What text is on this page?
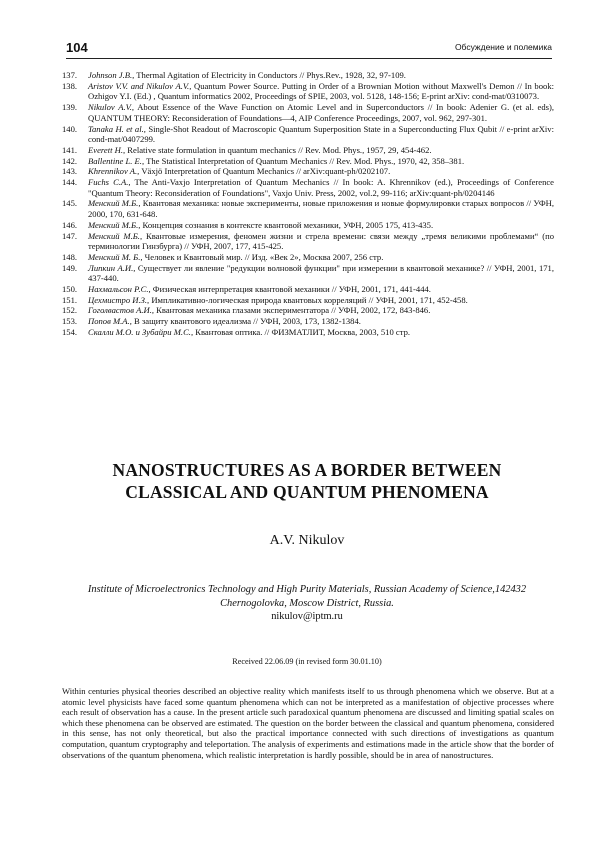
104	Обсуждение и полемика
137.	Johnson J.B., Thermal Agitation of Electricity in Conductors // Phys.Rev., 1928, 32, 97-109.
138.	Aristov V.V. and Nikulov A.V., Quantum Power Source. Putting in Order of a Brownian Motion without Maxwell's Demon // In book: Ozhigov Y.I. (Ed.) , Quantum informatics 2002, Proceedings of SPIE, 2003, vol. 5128, 148-156; E-print arXiv: cond-mat/0310073.
139.	Nikulov A.V., About Essence of the Wave Function on Atomic Level and in Superconductors // In book: Adenier G. (et al. eds), QUANTUM THEORY: Reconsideration of Foundations—4, AIP Conference Proceedings, 2007, vol. 962, 297-301.
140.	Tanaka H. et al., Single-Shot Readout of Macroscopic Quantum Superposition State in a Superconducting Flux Qubit // e-print arXiv: cond-mat/0407299.
141.	Everett H., Relative state formulation in quantum mechanics // Rev. Mod. Phys., 1957, 29, 454-462.
142.	Ballentine L. E., The Statistical Interpretation of Quantum Mechanics // Rev. Mod. Phys., 1970, 42, 358–381.
143.	Khrennikov A., Växjö Interpretation of Quantum Mechanics // arXiv:quant-ph/0202107.
144.	Fuchs C.A., The Anti-Vaxjo Interpretation of Quantum Mechanics // In book: A. Khrennikov (ed.), Proceedings of Conference "Quantum Theory: Reconsideration of Foundations", Vaxjo Univ. Press, 2002, vol.2, 99-116; arXiv:quant-ph/0204146
145.	Менский М.Б., Квантовая механика: новые эксперименты, новые приложения и новые формулировки старых вопросов // УФН, 2000, 170, 631-648.
146.	Менский М.Б., Концепция сознания в контексте квантовой механики, УФН, 2005 175, 413-435.
147.	Менский М.Б., Квантовые измерения, феномен жизни и стрела времени: связи между „тремя великими проблемами“ (по терминологии Гинзбурга) // УФН, 2007, 177, 415-425.
148.	Менский М. Б., Человек и Квантовый мир. // Изд. «Век 2», Москва 2007, 256 стр.
149.	Липкин А.И., Существует ли явление "редукции волновой функции" при измерении в квантовой механике? // УФН, 2001, 171, 437-440.
150.	Нахмальсон Р.С., Физическая интерпретация квантовой механики // УФН, 2001, 171, 441-444.
151.	Цехмистро И.З., Импликативно-логическая природа квантовых корреляций // УФН, 2001, 171, 452-458.
152.	Гоголвастов А.И., Квантовая механика глазами экспериментатора // УФН, 2002, 172, 843-846.
153.	Попов М.А., В защиту квантового идеализма // УФН, 2003, 173, 1382-1384.
154.	Скалли М.О. и Зубайри М.С., Квантовая оптика. // ФИЗМАТЛИТ, Москва, 2003, 510 стр.
NANOSTRUCTURES AS A BORDER BETWEEN
CLASSICAL AND QUANTUM PHENOMENA
A.V. Nikulov
Institute of Microelectronics Technology and High Purity Materials, Russian Academy of Science,142432 Chernogolovka, Moscow District, Russia.
nikulov@iptm.ru
Received 22.06.09 (in revised form 30.01.10)
Within centuries physical theories described an objective reality which manifests itself to us through phenomena which we observe. But at a atomic level physicists have faced some quantum phenomena which can not be interpreted as a manifestation of objective processes where each result of observation has a cause. In the present article such paradoxical quantum phenomena are discussed and limiting spatial scales on which these phenomena can be observed are estimated. The question on the border between the classical and quantum phenomena, considered in this sense, has not only theoretical, but also the practical importance connected with such directions of investigations as quantum computation, quantum cryptography and teleportation. The analysis of experiments and estimations made in the article show that the border of observations of the quantum phenomena, which realistic interpretation is hardly possible, should be in area of nanostructures.
